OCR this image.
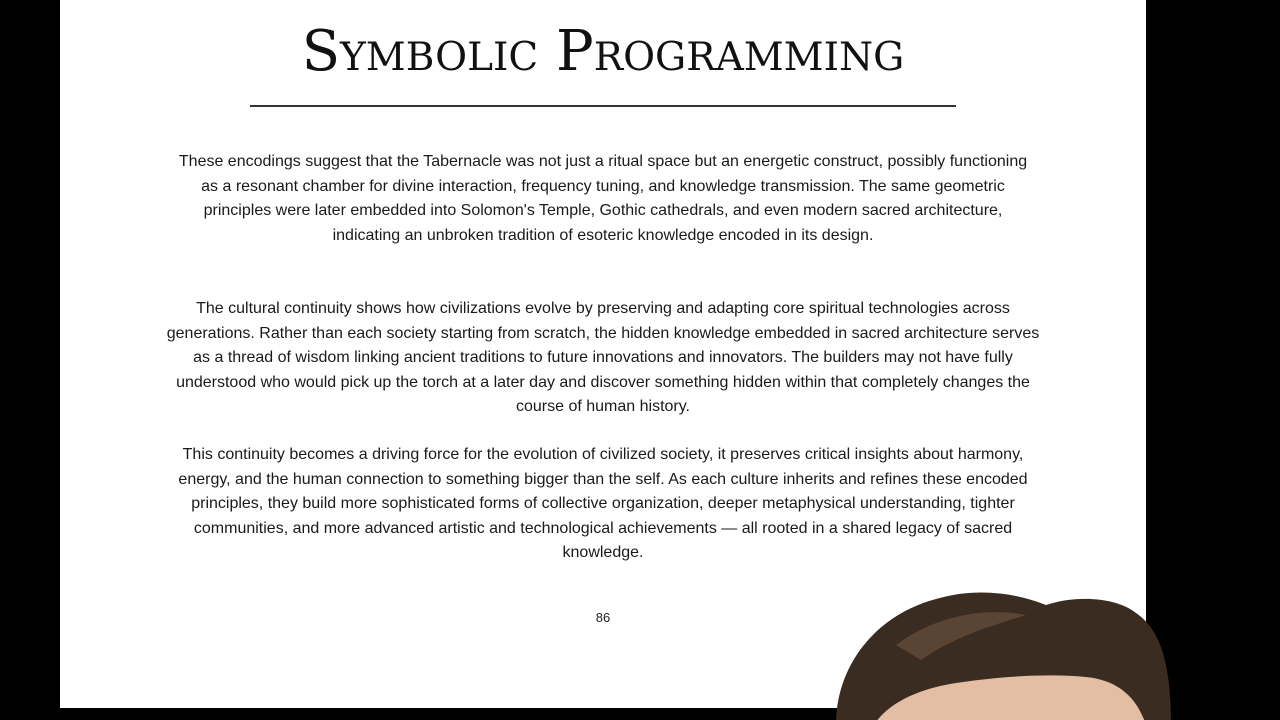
Symbolic Programming
These encodings suggest that the Tabernacle was not just a ritual space but an energetic construct, possibly functioning as a resonant chamber for divine interaction, frequency tuning, and knowledge transmission. The same geometric principles were later embedded into Solomon's Temple, Gothic cathedrals, and even modern sacred architecture, indicating an unbroken tradition of esoteric knowledge encoded in its design.
The cultural continuity shows how civilizations evolve by preserving and adapting core spiritual technologies across generations. Rather than each society starting from scratch, the hidden knowledge embedded in sacred architecture serves as a thread of wisdom linking ancient traditions to future innovations and innovators. The builders may not have fully understood who would pick up the torch at a later day and discover something hidden within that completely changes the course of human history.
This continuity becomes a driving force for the evolution of civilized society, it preserves critical insights about harmony, energy, and the human connection to something bigger than the self. As each culture inherits and refines these encoded principles, they build more sophisticated forms of collective organization, deeper metaphysical understanding, tighter communities, and more advanced artistic and technological achievements — all rooted in a shared legacy of sacred knowledge.
86
